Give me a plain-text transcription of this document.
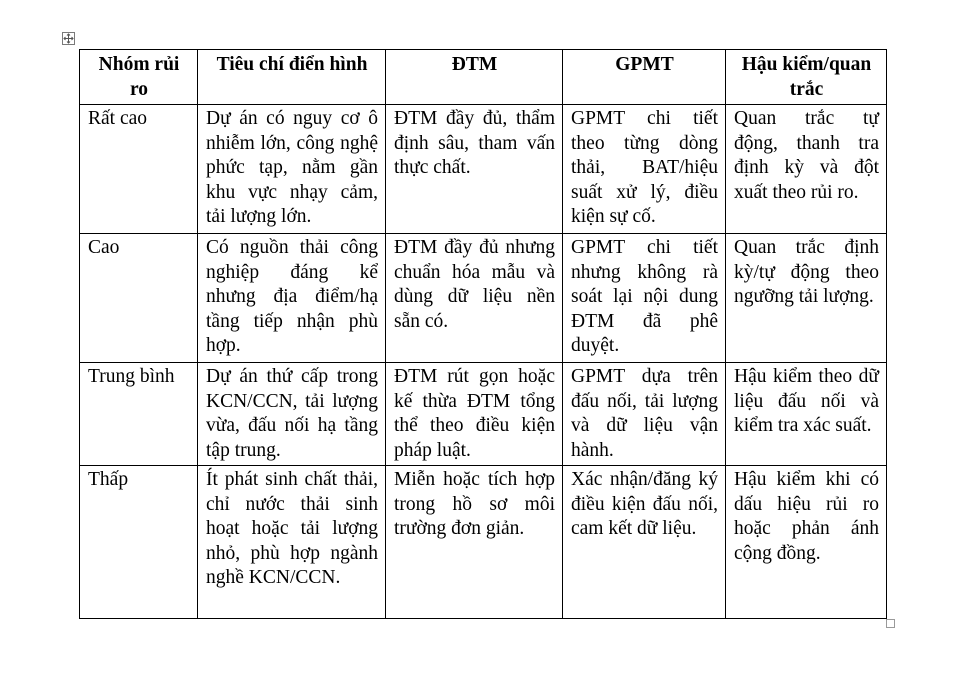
Nhóm rủi ro	Tiêu chí điển hình	ĐTM	GPMT	Hậu kiểm/quan trắc
Rất cao	Dự án có nguy cơ ô nhiễm lớn, công nghệ phức tạp, nằm gần khu vực nhạy cảm, tải lượng lớn.	ĐTM đầy đủ, thẩm định sâu, tham vấn thực chất.	GPMT chi tiết theo từng dòng thải, BAT/hiệu suất xử lý, điều kiện sự cố.	Quan trắc tự động, thanh tra định kỳ và đột xuất theo rủi ro.
Cao	Có nguồn thải công nghiệp đáng kể nhưng địa điểm/hạ tầng tiếp nhận phù hợp.	ĐTM đầy đủ nhưng chuẩn hóa mẫu và dùng dữ liệu nền sẵn có.	GPMT chi tiết nhưng không rà soát lại nội dung ĐTM đã phê duyệt.	Quan trắc định kỳ/tự động theo ngưỡng tải lượng.
Trung bình	Dự án thứ cấp trong KCN/CCN, tải lượng vừa, đấu nối hạ tầng tập trung.	ĐTM rút gọn hoặc kế thừa ĐTM tổng thể theo điều kiện pháp luật.	GPMT dựa trên đấu nối, tải lượng và dữ liệu vận hành.	Hậu kiểm theo dữ liệu đấu nối và kiểm tra xác suất.
Thấp	Ít phát sinh chất thải, chỉ nước thải sinh hoạt hoặc tải lượng nhỏ, phù hợp ngành nghề KCN/CCN.	Miễn hoặc tích hợp trong hồ sơ môi trường đơn giản.	Xác nhận/đăng ký điều kiện đấu nối, cam kết dữ liệu.	Hậu kiểm khi có dấu hiệu rủi ro hoặc phản ánh cộng đồng.
